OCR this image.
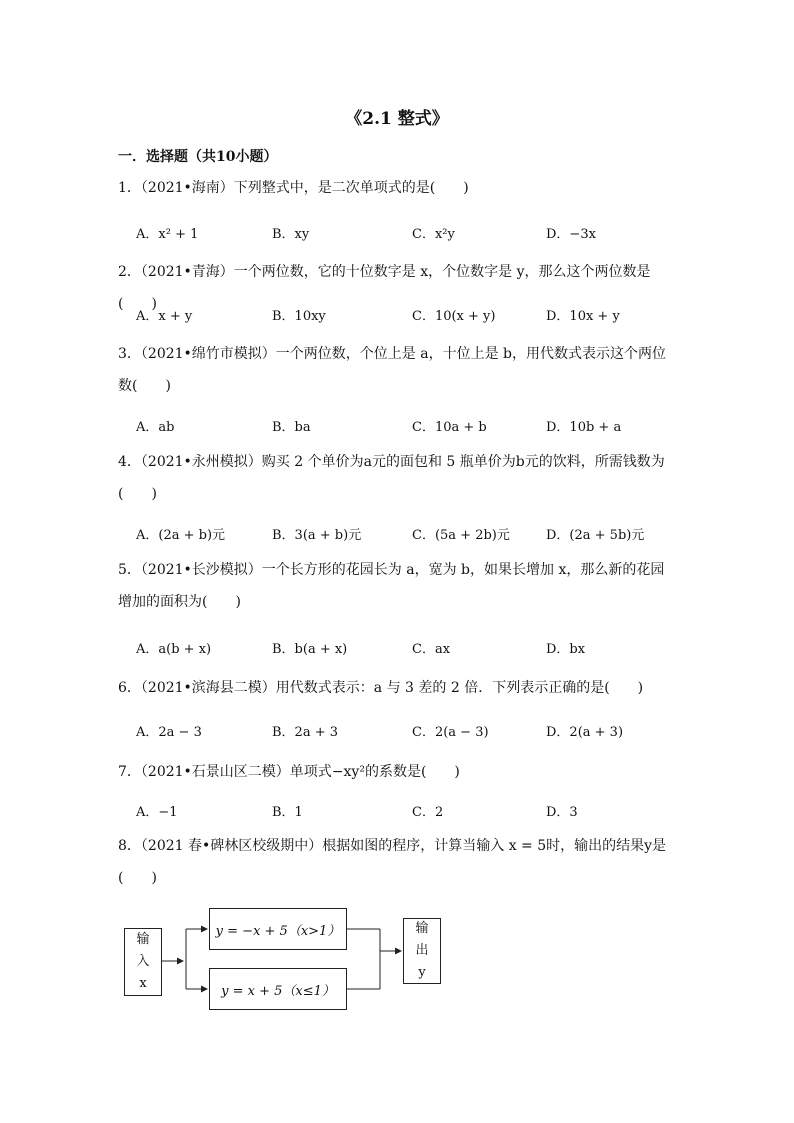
《2.1 整式》
一．选择题（共10小题）
1．（2021•海南）下列整式中，是二次单项式的是(　　)
A．x² + 1	B．xy	C．x²y	D．−3x
2．（2021•青海）一个两位数，它的十位数字是 x，个位数字是 y，那么这个两位数是(　　)
A．x + y	B．10xy	C．10(x + y)	D．10x + y
3．（2021•绵竹市模拟）一个两位数，个位上是 a，十位上是 b，用代数式表示这个两位数(　　)
A．ab	B．ba	C．10a + b	D．10b + a
4．（2021•永州模拟）购买 2 个单价为a元的面包和 5 瓶单价为b元的饮料，所需钱数为(　　)
A．(2a + b)元	B．3(a + b)元	C．(5a + 2b)元	D．(2a + 5b)元
5．（2021•长沙模拟）一个长方形的花园长为 a，宽为 b，如果长增加 x，那么新的花园增加的面积为(　　)
A．a(b + x)	B．b(a + x)	C．ax	D．bx
6．（2021•滨海县二模）用代数式表示：a 与 3 差的 2 倍．下列表示正确的是(　　)
A．2a − 3	B．2a + 3	C．2(a − 3)	D．2(a + 3)
7．（2021•石景山区二模）单项式−xy²的系数是(　　)
A．−1	B．1	C．2	D．3
8．（2021 春•碑林区校级期中）根据如图的程序，计算当输入 x = 5时，输出的结果y是(　　)
输
入
x
y = −x + 5（x>1）
y = x + 5（x≤1）
输
出
y
